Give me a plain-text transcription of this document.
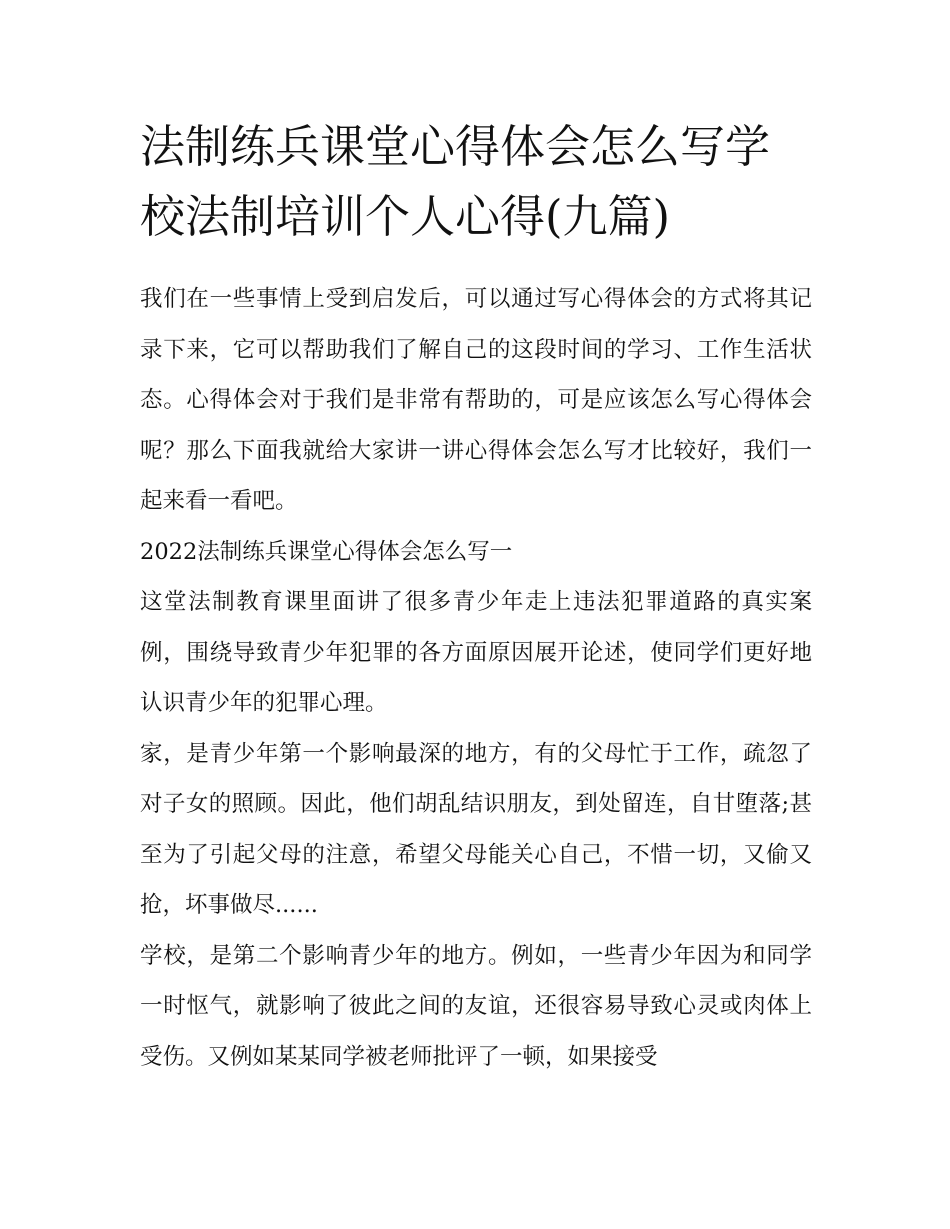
法制练兵课堂心得体会怎么写学校法制培训个人心得(九篇)

我们在一些事情上受到启发后，可以通过写心得体会的方式将其记录下来，它可以帮助我们了解自己的这段时间的学习、工作生活状态。心得体会对于我们是非常有帮助的，可是应该怎么写心得体会呢？那么下面我就给大家讲一讲心得体会怎么写才比较好，我们一起来看一看吧。

2022法制练兵课堂心得体会怎么写一

这堂法制教育课里面讲了很多青少年走上违法犯罪道路的真实案例，围绕导致青少年犯罪的各方面原因展开论述，使同学们更好地认识青少年的犯罪心理。

家，是青少年第一个影响最深的地方，有的父母忙于工作，疏忽了对子女的照顾。因此，他们胡乱结识朋友，到处留连，自甘堕落;甚至为了引起父母的注意，希望父母能关心自己，不惜一切，又偷又抢，坏事做尽......

学校，是第二个影响青少年的地方。例如，一些青少年因为和同学一时怄气，就影响了彼此之间的友谊，还很容易导致心灵或肉体上受伤。又例如某某同学被老师批评了一顿，如果接受
